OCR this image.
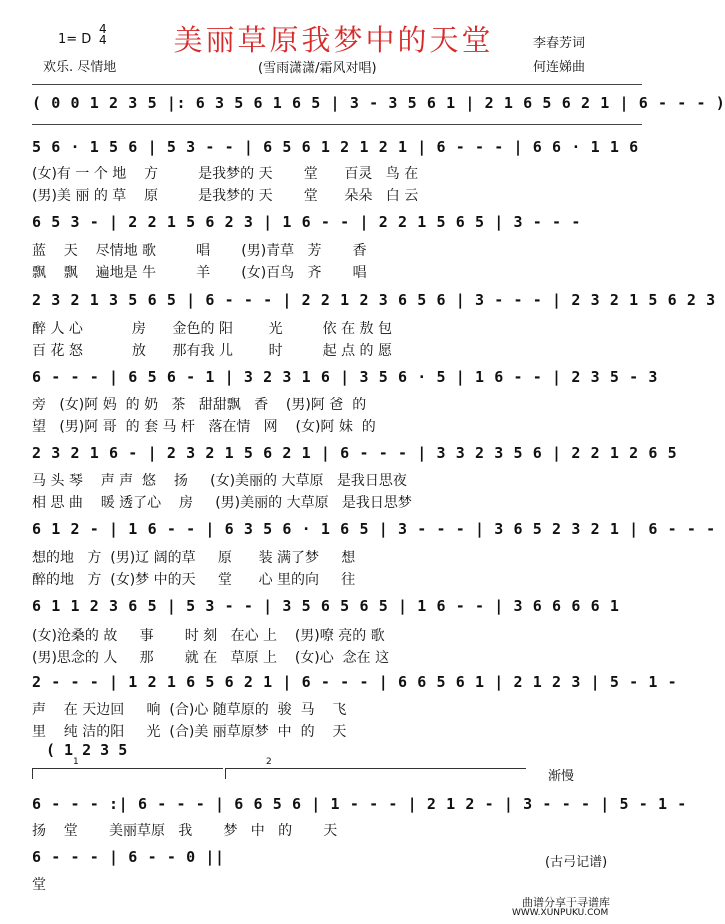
1= D
4
4
欢乐. 尽情地
美丽草原我梦中的天堂
(雪雨潇潇/霜风对唱)
李春芳词
何连娣曲
( 0 0 1 2 3 5 |: 6 3 5 6 1 6 5 | 3 - 3 5 6 1 | 2 1 6 5 6 2 1 | 6 - - - )
5 6 · 1 5 6 | 5 3 - - | 6 5 6 1 2 1 2 1 | 6 - - - | 6 6 · 1 1 6
(女)有 一 个 地    方         是我梦的 天       堂      百灵   鸟 在
(男)美 丽 的 草    原         是我梦的 天       堂      朵朵   白 云
6 5 3 - | 2 2 1 5 6 2 3 | 1 6 - - | 2 2 1 5 6 5 | 3 - - -
蓝    天    尽情地 歌         唱       (男)青草   芳       香
飘    飘    遍地是 牛         羊       (女)百鸟   齐       唱
2 3 2 1 3 5 6 5 | 6 - - - | 2 2 1 2 3 6 5 6 | 3 - - - | 2 3 2 1 5 6 2 3
醉 人 心           房      金色的 阳        光         依 在 敖 包
百 花 怒           放      那有我 儿        时         起 点 的 愿
6 - - - | 6 5 6 - 1 | 3 2 3 1 6 | 3 5 6 · 5 | 1 6 - - | 2 3 5 - 3
旁   (女)阿 妈  的 奶   茶   甜甜飘   香    (男)阿 爸  的
望   (男)阿 哥  的 套 马 杆   落在情   网    (女)阿 妹  的
2 3 2 1 6 - | 2 3 2 1 5 6 2 1 | 6 - - - | 3 3 2 3 5 6 | 2 2 1 2 6 5
马 头 琴    声 声  悠    扬     (女)美丽的 大草原   是我日思夜
相 思 曲    暖 透了心    房     (男)美丽的 大草原   是我日思梦
6 1 2 - | 1 6 - - | 6 3 5 6 · 1 6 5 | 3 - - - | 3 6 5 2 3 2 1 | 6 - - -
想的地   方  (男)辽 阔的草     原      装 满了梦     想
醉的地   方  (女)梦 中的天     堂      心 里的向     往
6 1 1 2 3 6 5 | 5 3 - - | 3 5 6 5 6 5 | 1 6 - - | 3 6 6 6 6 1
(女)沧桑的 故     事       时 刻   在心 上    (男)嘹 亮的 歌
(男)思念的 人     那       就 在   草原 上    (女)心  念在 这
2 - - - | 1 2 1 6 5 6 2 1 | 6 - - - | 6 6 5 6 1 | 2 1 2 3 | 5 - 1 -
声    在 天边回     响  (合)心 随草原的  骏  马    飞
里    纯 洁的阳     光  (合)美 丽草原梦  中  的    天
( 1 2 3 5
1	2
渐慢
6 - - - :| 6 - - - | 6 6 5 6 | 1 - - - | 2 1 2 - | 3 - - - | 5 - 1 -
扬    堂       美丽草原   我       梦   中   的       天
6 - - - | 6 - - 0 ||
堂
(古弓记谱)
曲谱分享于寻谱库
WWW.XUNPUKU.COM
